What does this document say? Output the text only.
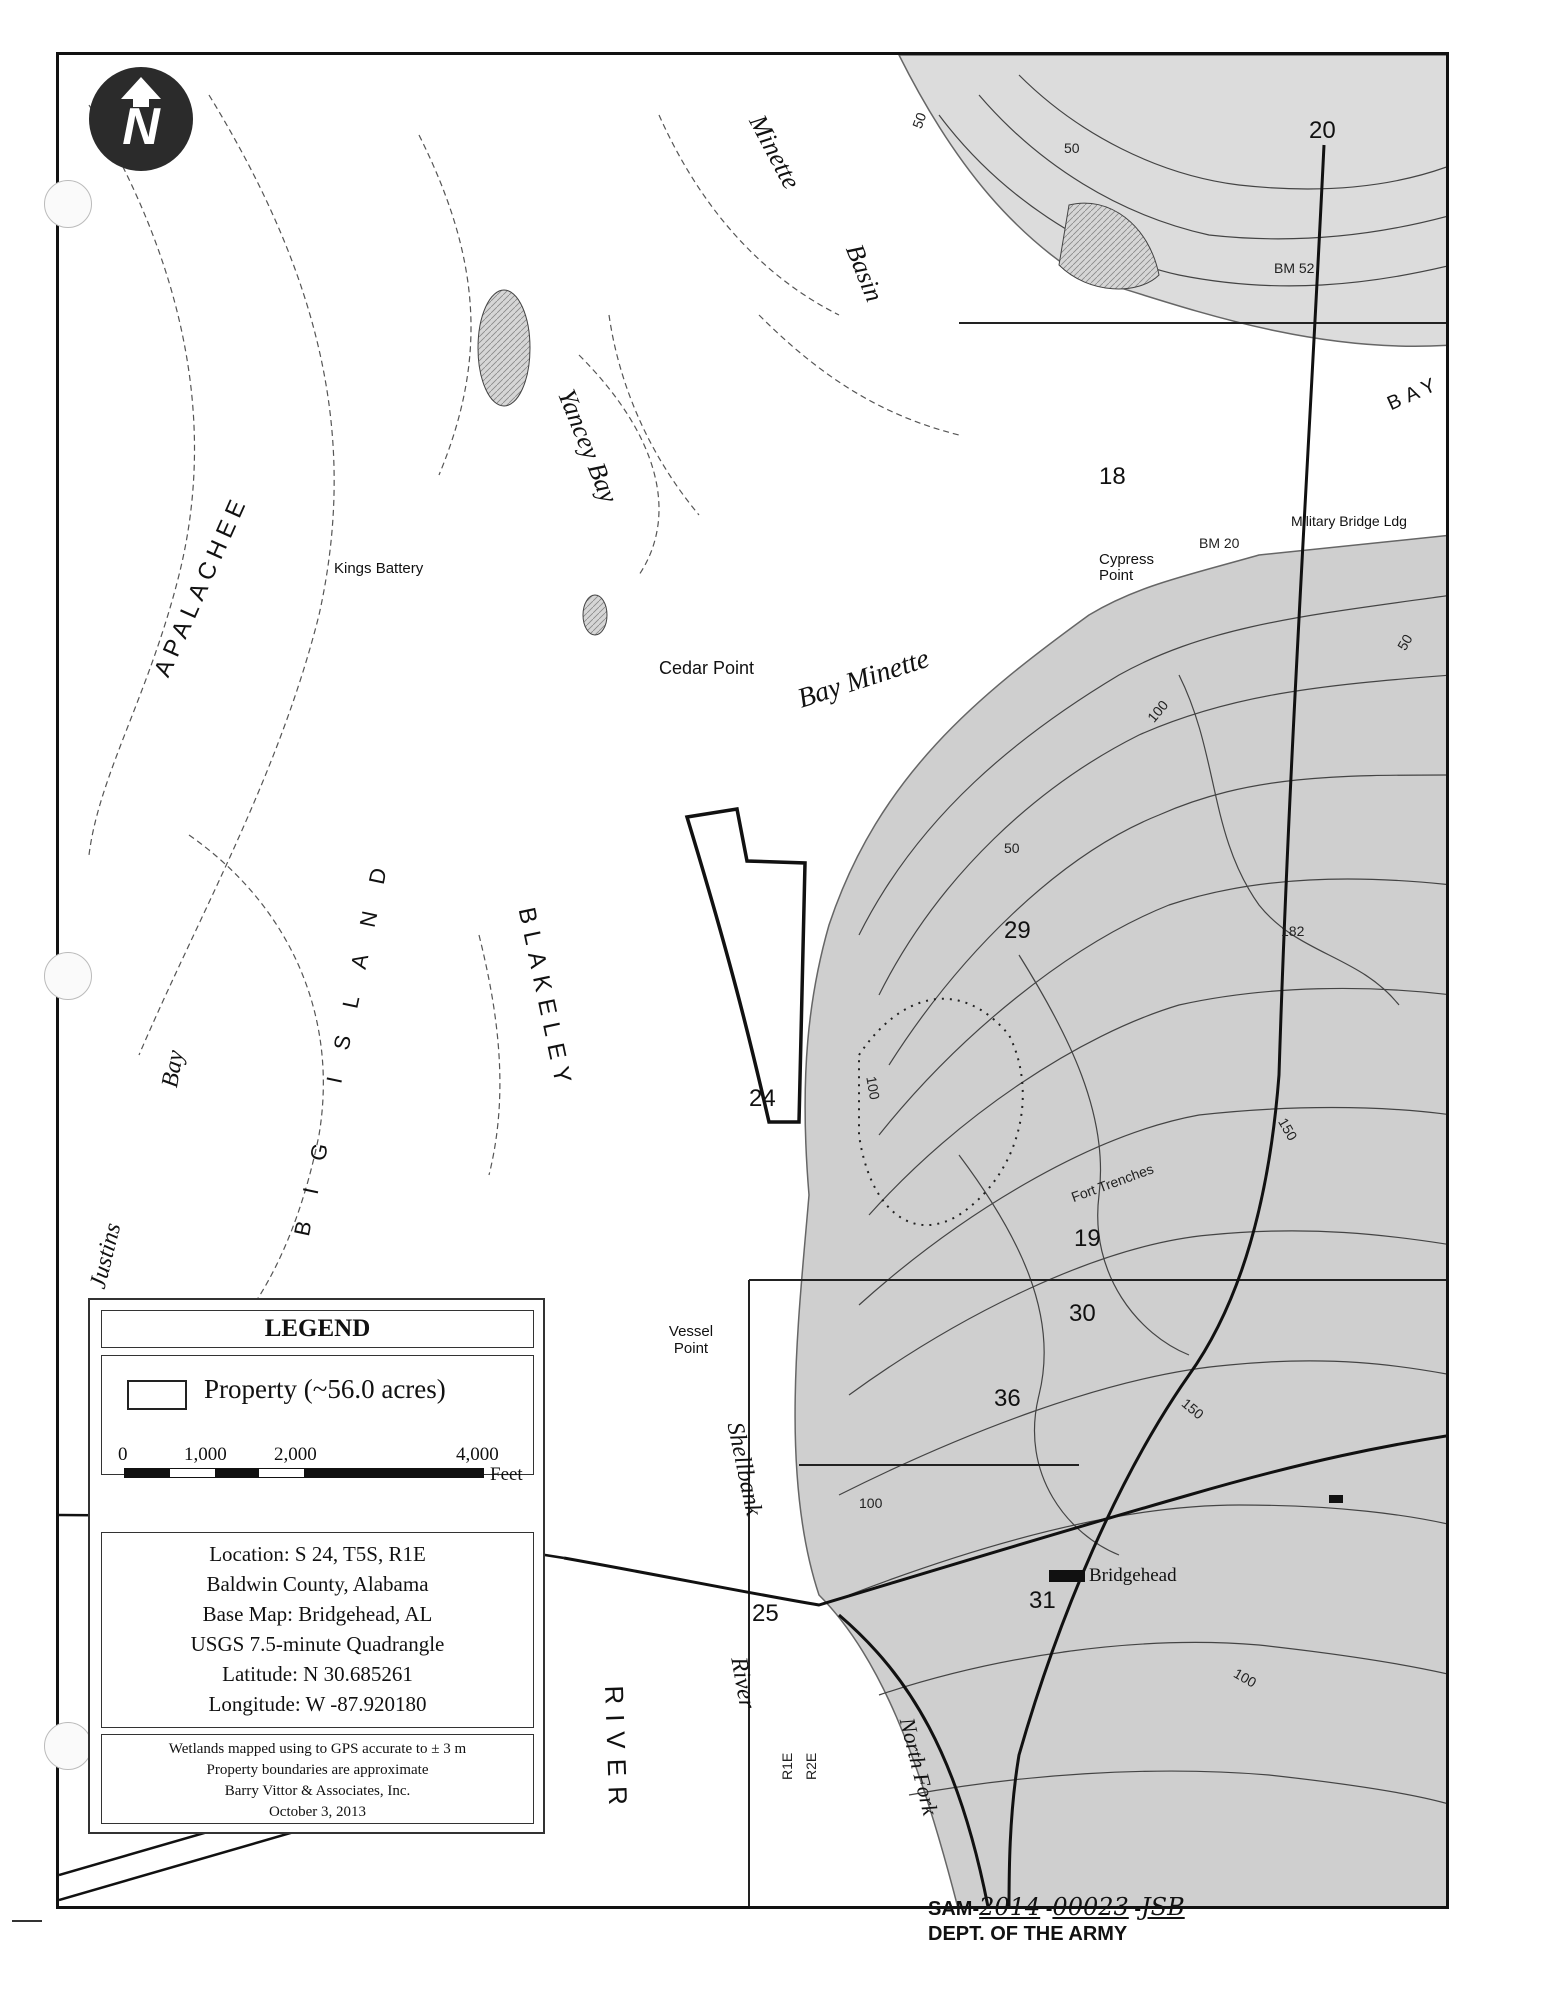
Minette
Basin
Yancey Bay
APALACHEE	Bay Minette
BIG ISLAND	BLAKELEY
Justins
Bay
Shellbank
River
RIVER
BAY
North Fork
Kings Battery
Cedar Point
Cypress Point
Vessel Point
Military Bridge Ldg
Bridgehead
Fort Trenches
BM 52
BM 20
R1E R2E
18
24
19
30
25
36
31
20
29
50
50
100
50
100
150
150
182
100
100
50
N
LEGEND
Property (~56.0 acres)
0	1,000 2,000	4,000
Feet
Location: S 24, T5S, R1E
Baldwin County, Alabama
Base Map: Bridgehead, AL
USGS 7.5-minute Quadrangle
Latitude: N 30.685261
Longitude: W -87.920180
Wetlands mapped using to GPS accurate to ± 3 m
Property boundaries are approximate
Barry Vittor & Associates, Inc.
October 3, 2013
SAM-2014 -00023 -JSB
DEPT. OF THE ARMY
